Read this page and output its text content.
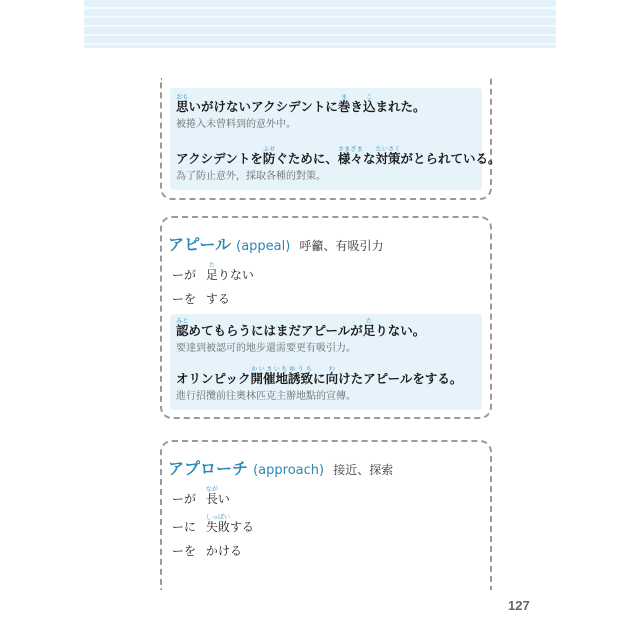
思おもいがけないアクシデントに巻まき込こまれた。
被捲入未曾料到的意外中。
アクシデントを防ふせぐために、様々さまざまな対策たいさくがとられている。
為了防止意外，採取各種的對策。
アピール (appeal) 呼籲、有吸引力
ーが 足たりない
ーを する
認みとめてもらうにはまだアピールが足たりない。
要達到被認可的地步還需要更有吸引力。
オリンピック開催地かいさいち誘致ゆうちに向むけたアピールをする。
進行招攬前往奧林匹克主辦地點的宣傳。
アプローチ (approach) 接近、探索
ーが 長ながい
ーに 失敗しっぱいする
ーを かける
127
